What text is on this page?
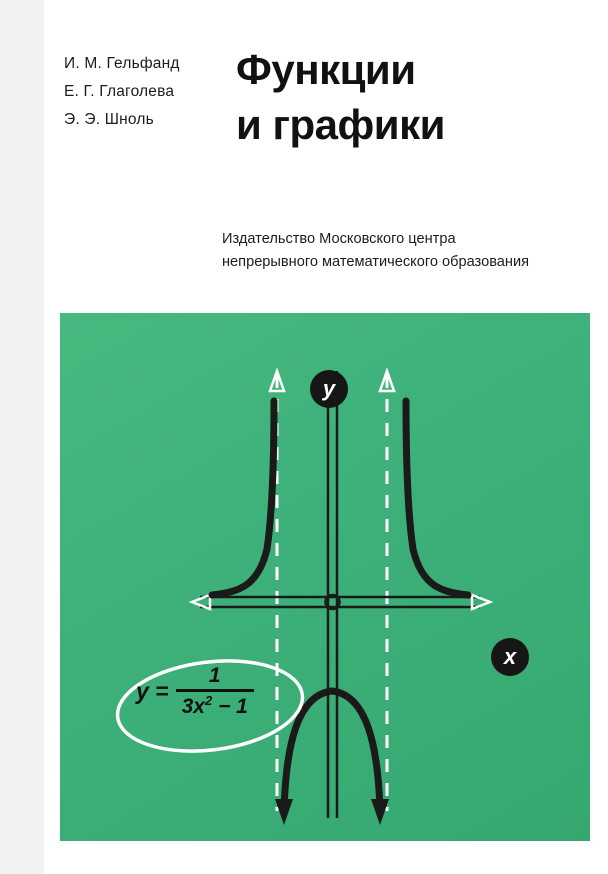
И. М. Гельфанд
Е. Г. Глаголева
Э. Э. Шноль
Функции
и графики
Издательство Московского центра
непрерывного математического образования
y
x
$y = \frac{1}{3x^2 - 1}$
